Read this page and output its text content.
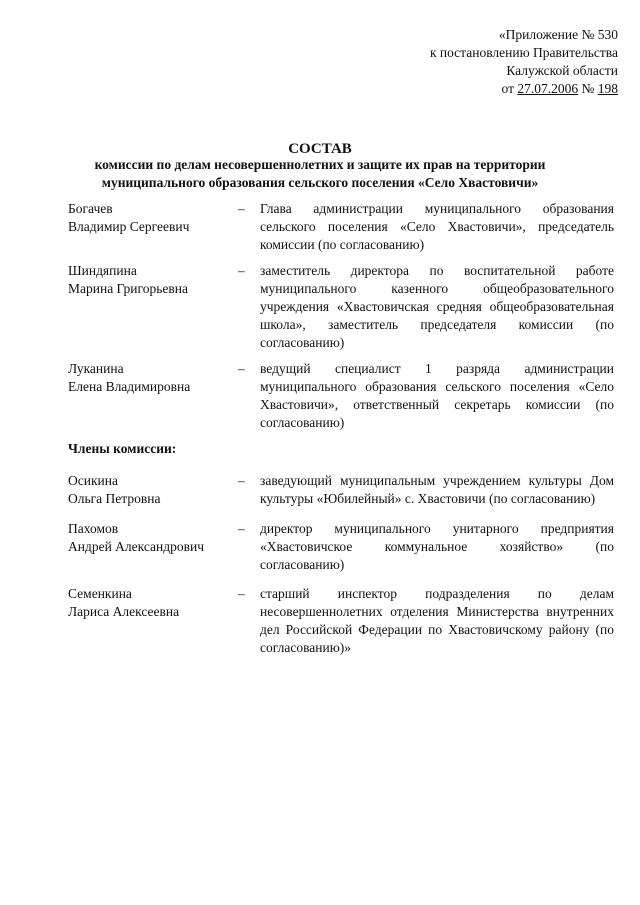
«Приложение № 530
к постановлению Правительства
Калужской области
от 27.07.2006 № 198
СОСТАВ
комиссии по делам несовершеннолетних и защите их прав на территории
муниципального образования сельского поселения «Село Хвастовичи»
Богачев
Владимир Сергеевич
– Глава администрации муниципального образования сельского поселения «Село Хвастовичи», председатель комиссии (по согласованию)
Шиндяпина
Марина Григорьевна
– заместитель директора по воспитательной работе муниципального казенного общеобразовательного учреждения «Хвастовичская средняя общеобразовательная школа», заместитель председателя комиссии (по согласованию)
Луканина
Елена Владимировна
– ведущий специалист 1 разряда администрации муниципального образования сельского поселения «Село Хвастовичи», ответственный секретарь комиссии (по согласованию)
Члены комиссии:
Осикина
Ольга Петровна
– заведующий муниципальным учреждением культуры Дом культуры «Юбилейный» с. Хвастовичи (по согласованию)
Пахомов
Андрей Александрович
– директор муниципального унитарного предприятия «Хвастовичское коммунальное хозяйство» (по согласованию)
Семенкина
Лариса Алексеевна
– старший инспектор подразделения по делам несовершеннолетних отделения Министерства внутренних дел Российской Федерации по Хвастовичскому району (по согласованию)»
